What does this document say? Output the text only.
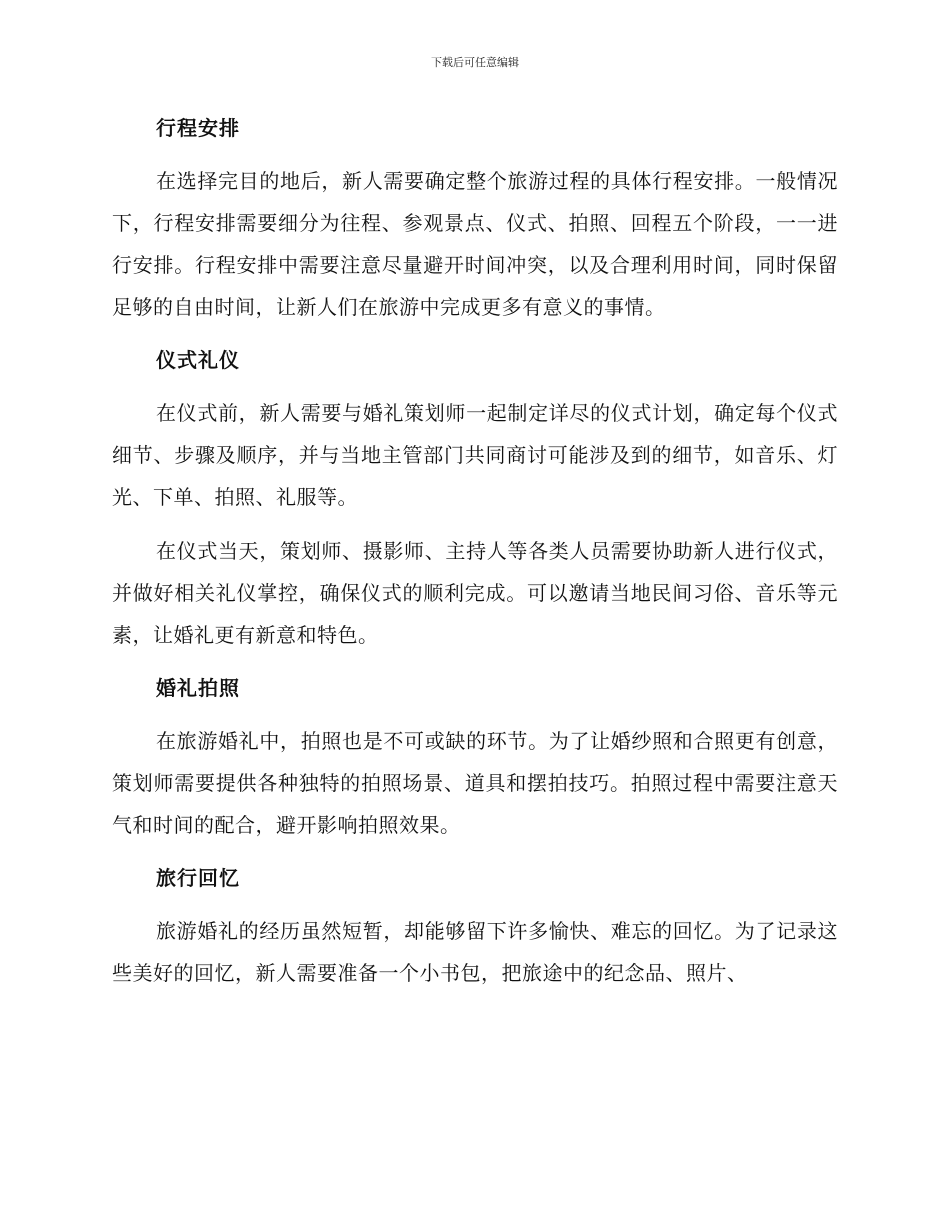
下载后可任意编辑
行程安排

在选择完目的地后，新人需要确定整个旅游过程的具体行程安排。一般情况下，行程安排需要细分为往程、参观景点、仪式、拍照、回程五个阶段，一一进行安排。行程安排中需要注意尽量避开时间冲突，以及合理利用时间，同时保留足够的自由时间，让新人们在旅游中完成更多有意义的事情。

仪式礼仪

在仪式前，新人需要与婚礼策划师一起制定详尽的仪式计划，确定每个仪式细节、步骤及顺序，并与当地主管部门共同商讨可能涉及到的细节，如音乐、灯光、下单、拍照、礼服等。

在仪式当天，策划师、摄影师、主持人等各类人员需要协助新人进行仪式，并做好相关礼仪掌控，确保仪式的顺利完成。可以邀请当地民间习俗、音乐等元素，让婚礼更有新意和特色。

婚礼拍照

在旅游婚礼中，拍照也是不可或缺的环节。为了让婚纱照和合照更有创意，策划师需要提供各种独特的拍照场景、道具和摆拍技巧。拍照过程中需要注意天气和时间的配合，避开影响拍照效果。

旅行回忆

旅游婚礼的经历虽然短暂，却能够留下许多愉快、难忘的回忆。为了记录这些美好的回忆，新人需要准备一个小书包，把旅途中的纪念品、照片、
